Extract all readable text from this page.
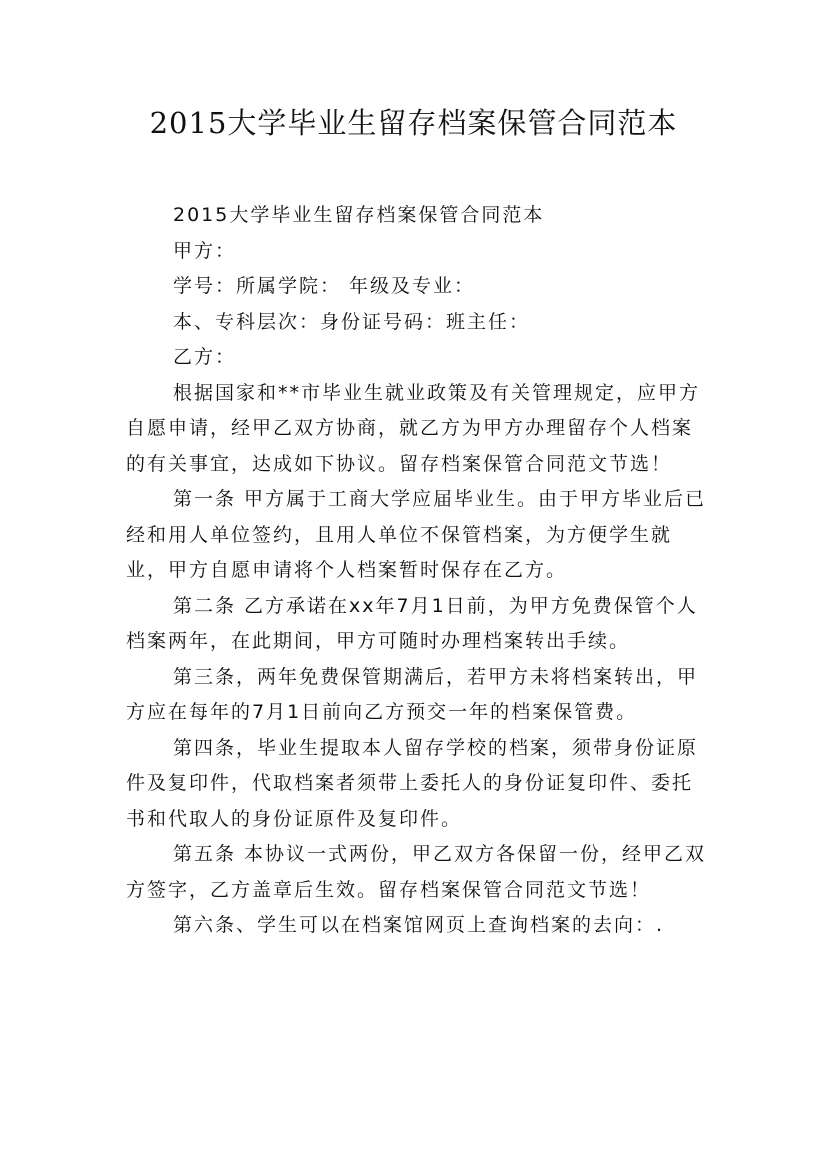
2015大学毕业生留存档案保管合同范本

2015大学毕业生留存档案保管合同范本

甲方：

学号：所属学院： 年级及专业：

本、专科层次：身份证号码：班主任：

乙方：

根据国家和**市毕业生就业政策及有关管理规定，应甲方自愿申请，经甲乙双方协商，就乙方为甲方办理留存个人档案的有关事宜，达成如下协议。留存档案保管合同范文节选！

第一条 甲方属于工商大学应届毕业生。由于甲方毕业后已经和用人单位签约，且用人单位不保管档案，为方便学生就业，甲方自愿申请将个人档案暂时保存在乙方。

第二条 乙方承诺在xx年7月1日前，为甲方免费保管个人档案两年，在此期间，甲方可随时办理档案转出手续。

第三条，两年免费保管期满后，若甲方未将档案转出，甲方应在每年的7月1日前向乙方预交一年的档案保管费。

第四条，毕业生提取本人留存学校的档案，须带身份证原件及复印件，代取档案者须带上委托人的身份证复印件、委托书和代取人的身份证原件及复印件。

第五条 本协议一式两份，甲乙双方各保留一份，经甲乙双方签字，乙方盖章后生效。留存档案保管合同范文节选！

第六条、学生可以在档案馆网页上查询档案的去向：.
